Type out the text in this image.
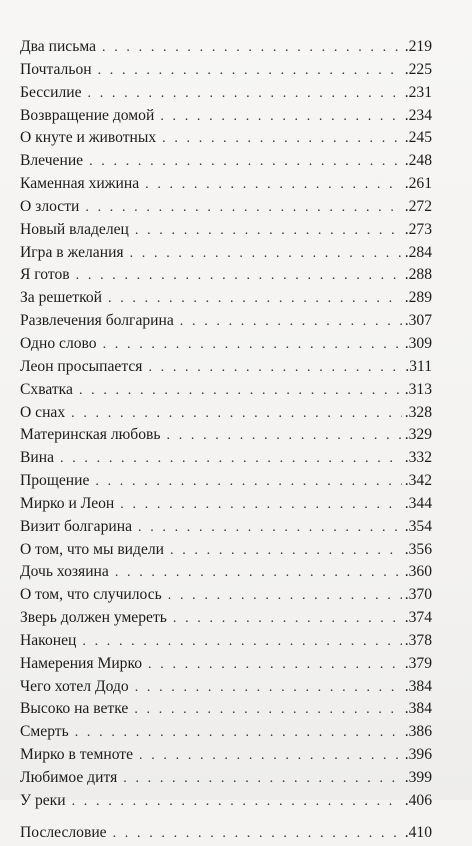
Два письма . . .	.219
Почтальон . . .	.225
Бессилие . . .	.231
Возвращение домой . . .	.234
О кнуте и животных . . .	.245
Влечение . . .	.248
Каменная хижина . . .	.261
О злости . . .	.272
Новый владелец . . .	.273
Игра в желания . . .	.284
Я готов . . .	.288
За решеткой . . .	.289
Развлечения болгарина . . .	.307
Одно слово . . .	.309
Леон просыпается . . .	.311
Схватка . . .	.313
О снах . . .	.328
Материнская любовь . . .	.329
Вина . . .	.332
Прощение . . .	.342
Мирко и Леон . . .	.344
Визит болгарина . . .	.354
О том, что мы видели . . .	.356
Дочь хозяина . . .	.360
О том, что случилось . . .	.370
Зверь должен умереть . . .	.374
Наконец . . .	.378
Намерения Мирко . . .	.379
Чего хотел Додо . . .	.384
Высоко на ветке . . .	.384
Смерть . . .	.386
Мирко в темноте . . .	.396
Любимое дитя . . .	.399
У реки . . .	.406
Послесловие . . .	.410
